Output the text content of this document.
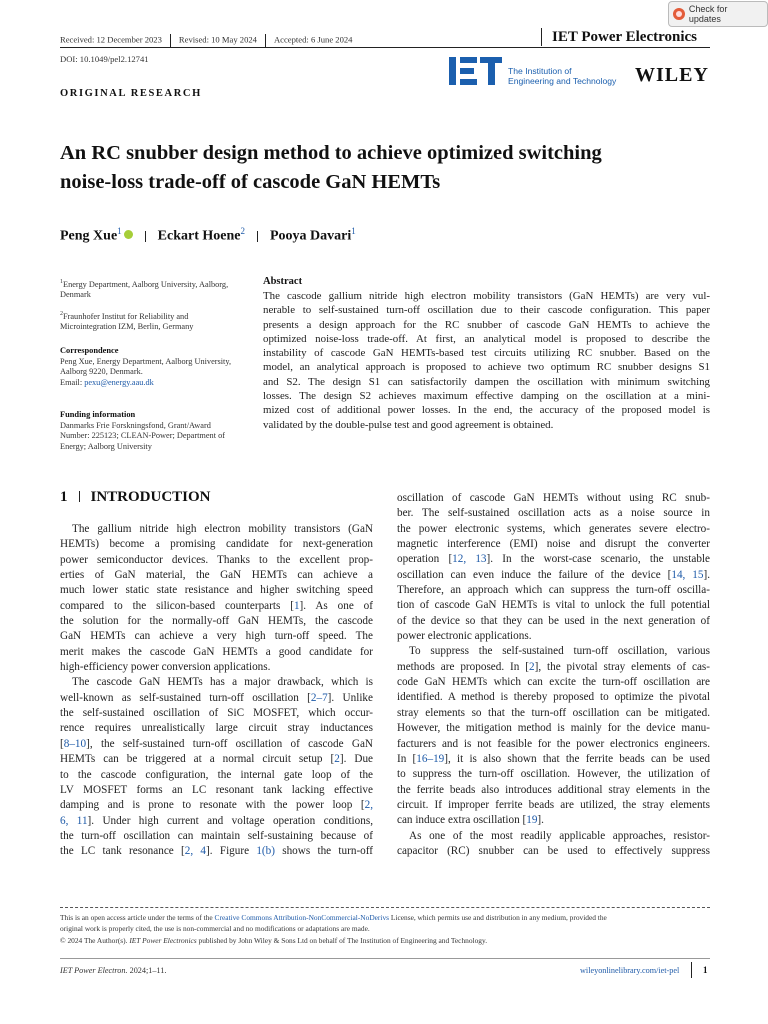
Received: 12 December 2023 Revised: 10 May 2024 Accepted: 6 June 2024	IET Power Electronics
DOI: 10.1049/pel2.12741
Check for updates
The Institution of
Engineering and Technology WILEY
ORIGINAL RESEARCH
An RC snubber design method to achieve optimized switching
noise-loss trade-off of cascode GaN HEMTs
Peng Xue$^1$	Eckart Hoene$^2$ Pooya Davari$^1$
$^1$Energy Department, Aalborg University, Aalborg,
Denmark
$^2$Fraunhofer Institut for Reliability and
Microintegration IZM, Berlin, Germany
Correspondence
Peng Xue, Energy Department, Aalborg University,
Aalborg 9220, Denmark.
Email: pexu@energy.aau.dk
Funding information
Danmarks Frie Forskningsfond, Grant/Award
Number: 225123; CLEAN-Power; Department of
Energy; Aalborg University
Abstract
The cascode gallium nitride high electron mobility transistors (GaN HEMTs) are very vul-
nerable to self-sustained turn-off oscillation due to their cascode configuration. This paper
presents a design approach for the RC snubber of cascode GaN HEMTs to achieve the
optimized noise-loss trade-off. At first, an analytical model is proposed to describe the
instability of cascode GaN HEMTs-based test circuits utilizing RC snubber. Based on the
model, an analytical approach is proposed to achieve two optimum RC snubber designs S1
and S2. The design S1 can satisfactorily dampen the oscillation with minimum switching
losses. The design S2 achieves maximum effective damping on the oscillation at a mini-
mized cost of additional power losses. In the end, the accuracy of the proposed model is
validated by the double-pulse test and good agreement is obtained.
1 INTRODUCTION
The gallium nitride high electron mobility transistors (GaN
HEMTs) become a promising candidate for next-generation
power semiconductor devices. Thanks to the excellent prop-
erties of GaN material, the GaN HEMTs can achieve a
much lower static state resistance and higher switching speed
compared to the silicon-based counterparts [1]. As one of
the solution for the normally-off GaN HEMTs, the cascode
GaN HEMTs can achieve a very high turn-off speed. The
merit makes the cascode GaN HEMTs a good candidate for
high-efficiency power conversion applications.
The cascode GaN HEMTs has a major drawback, which is
well-known as self-sustained turn-off oscillation [2–7]. Unlike
the self-sustained oscillation of SiC MOSFET, which occur-
rence requires unrealistically large circuit stray inductances
[8–10], the self-sustained turn-off oscillation of cascode GaN
HEMTs can be triggered at a normal circuit setup [2]. Due
to the cascode configuration, the internal gate loop of the
LV MOSFET forms an LC resonant tank lacking effective
damping and is prone to resonate with the power loop [2,
6, 11]. Under high current and voltage operation conditions,
the turn-off oscillation can maintain self-sustaining because of
the LC tank resonance [2, 4]. Figure 1(b) shows the turn-off
oscillation of cascode GaN HEMTs without using RC snub-
ber. The self-sustained oscillation acts as a noise source in
the power electronic systems, which generates severe electro-
magnetic interference (EMI) noise and disrupt the converter
operation [12, 13]. In the worst-case scenario, the unstable
oscillation can even induce the failure of the device [14, 15].
Therefore, an approach which can suppress the turn-off oscilla-
tion of cascode GaN HEMTs is vital to unlock the full potential
of the device so that they can be used in the next generation of
power electronic applications.
To suppress the self-sustained turn-off oscillation, various
methods are proposed. In [2], the pivotal stray elements of cas-
code GaN HEMTs which can excite the turn-off oscillation are
identified. A method is thereby proposed to optimize the pivotal
stray elements so that the turn-off oscillation can be mitigated.
However, the mitigation method is mainly for the device manu-
facturers and is not feasible for the power electronics engineers.
In [16–19], it is also shown that the ferrite beads can be used
to suppress the turn-off oscillation. However, the utilization of
the ferrite beads also introduces additional stray elements in the
circuit. If improper ferrite beads are utilized, the stray elements
can induce extra oscillation [19].
As one of the most readily applicable approaches, resistor-
capacitor (RC) snubber can be used to effectively suppress
This is an open access article under the terms of the Creative Commons Attribution-NonCommercial-NoDerivs License, which permits use and distribution in any medium, provided the
original work is properly cited, the use is non-commercial and no modifications or adaptations are made.
© 2024 The Author(s). IET Power Electronics published by John Wiley & Sons Ltd on behalf of The Institution of Engineering and Technology.
IET Power Electron. 2024;1–11.	wileyonlinelibrary.com/iet-pel	1
